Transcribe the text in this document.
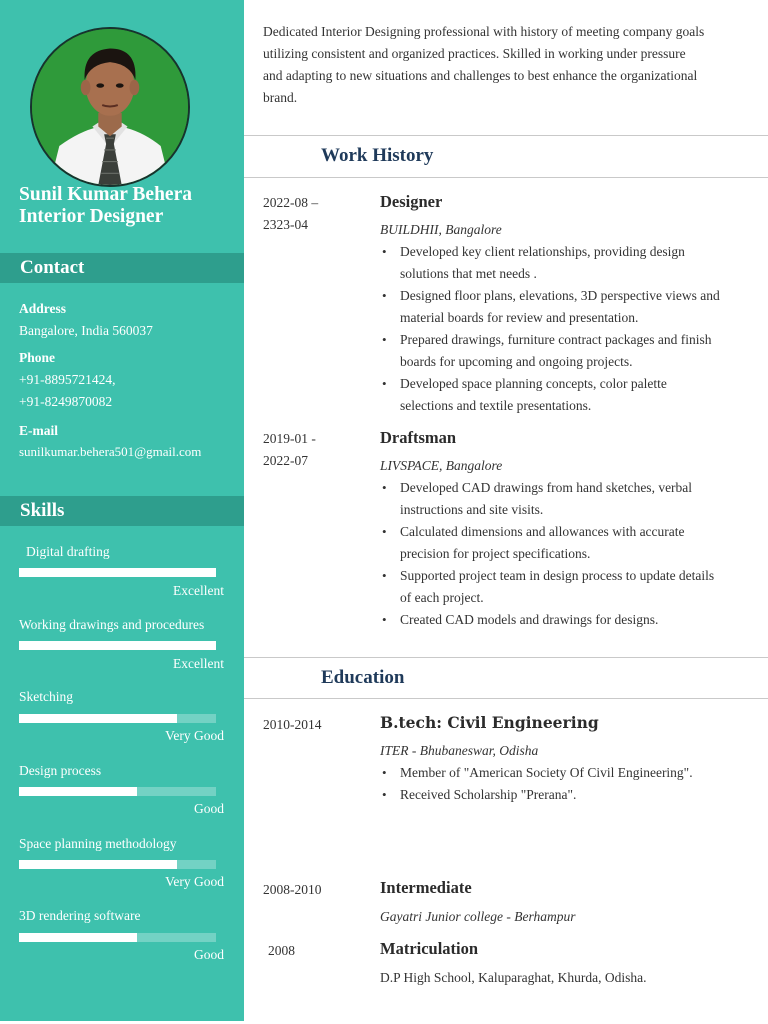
Sunil Kumar Behera
Interior Designer
Contact
Address
Bangalore, India 560037
Phone
+91-8895721424,
+91-8249870082
E-mail
sunilkumar.behera501@gmail.com
Skills
Digital drafting
Excellent
Working drawings and procedures
Excellent
Sketching
Very Good
Design process
Good
Space planning methodology
Very Good
3D rendering software
Good
Dedicated Interior Designing professional with history of meeting company goals
utilizing consistent and organized practices. Skilled in working under pressure
and adapting to new situations and challenges to best enhance the organizational
brand.
Work History
2022-08 –
2323-04
Designer
BUILDHII, Bangalore
• Developed key client relationships, providing design
solutions that met needs .
• Designed floor plans, elevations, 3D perspective views and
material boards for review and presentation.
• Prepared drawings, furniture contract packages and finish
boards for upcoming and ongoing projects.
• Developed space planning concepts, color palette
selections and textile presentations.
2019-01 -
2022-07
Draftsman
LIVSPACE, Bangalore
• Developed CAD drawings from hand sketches, verbal
instructions and site visits.
• Calculated dimensions and allowances with accurate
precision for project specifications.
• Supported project team in design process to update details
of each project.
• Created CAD models and drawings for designs.
Education
2010-2014	B.tech: Civil Engineering
ITER - Bhubaneswar, Odisha
• Member of "American Society Of Civil Engineering".
• Received Scholarship "Prerana".
2008-2010	Intermediate
Gayatri Junior college - Berhampur
2008	Matriculation
D.P High School, Kaluparaghat, Khurda, Odisha.
